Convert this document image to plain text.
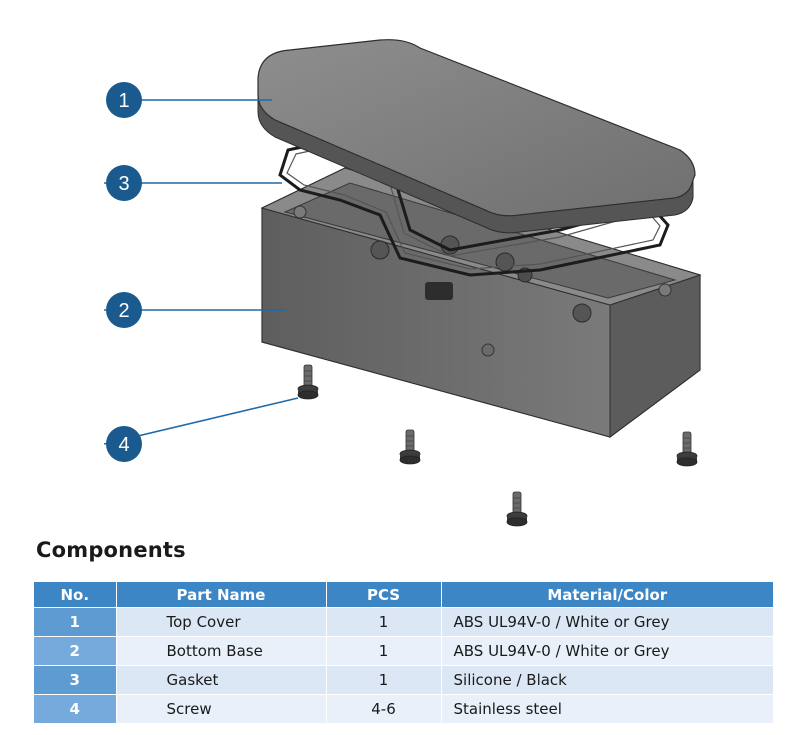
1
3
2
4
Components
No.	Part Name	PCS	Material/Color
1	Top Cover	1	ABS UL94V-0 / White or Grey
2	Bottom Base	1	ABS UL94V-0 / White or Grey
3	Gasket	1	Silicone / Black
4	Screw	4-6	Stainless steel
